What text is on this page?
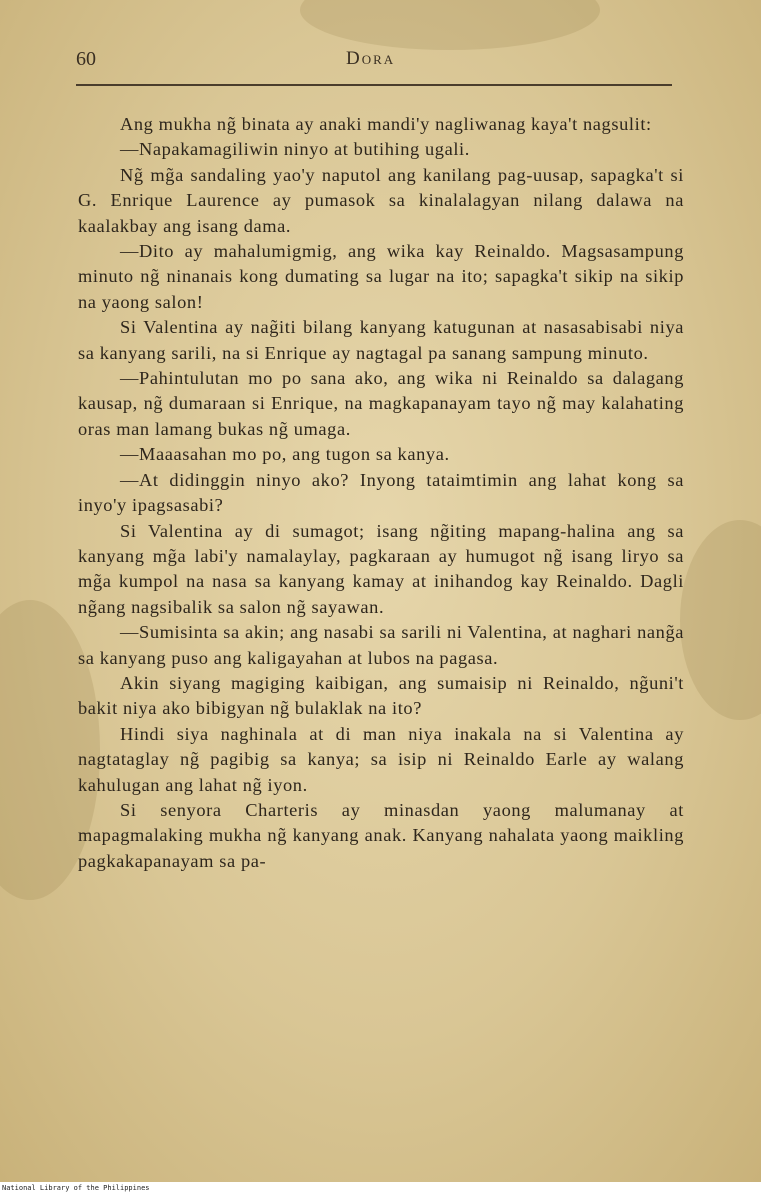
60	Dora

Ang mukha ng̃ binata ay anaki mandi'y nagliwanag kaya't nagsulit:

—Napakamagiliwin ninyo at butihing ugali.

Ng̃ mg̃a sandaling yao'y naputol ang kanilang pag-uusap, sapagka't si G. Enrique Laurence ay pumasok sa kinalalagyan nilang dalawa na kaalakbay ang isang dama.

—Dito ay mahalumigmig, ang wika kay Reinaldo. Magsasampung minuto ng̃ ninanais kong dumating sa lugar na ito; sapagka't sikip na sikip na yaong salon!

Si Valentina ay nag̃iti bilang kanyang katugunan at nasasabisabi niya sa kanyang sarili, na si Enrique ay nagtagal pa sanang sampung minuto.

—Pahintulutan mo po sana ako, ang wika ni Reinaldo sa dalagang kausap, ng̃ dumaraan si Enrique, na magkapanayam tayo ng̃ may kalahating oras man lamang bukas ng̃ umaga.

—Maaasahan mo po, ang tugon sa kanya.

—At didinggin ninyo ako? Inyong tataimtimin ang lahat kong sa inyo'y ipagsasabi?

Si Valentina ay di sumagot; isang ng̃iting mapang-halina ang sa kanyang mg̃a labi'y namalaylay, pagkaraan ay humugot ng̃ isang liryo sa mg̃a kumpol na nasa sa kanyang kamay at inihandog kay Reinaldo. Dagli ng̃ang nagsibalik sa salon ng̃ sayawan.

—Sumisinta sa akin; ang nasabi sa sarili ni Valentina, at naghari nang̃a sa kanyang puso ang kaligayahan at lubos na pagasa.

Akin siyang magiging kaibigan, ang sumaisip ni Reinaldo, ng̃uni't bakit niya ako bibigyan ng̃ bulaklak na ito?

Hindi siya naghinala at di man niya inakala na si Valentina ay nagtataglay ng̃ pagibig sa kanya; sa isip ni Reinaldo Earle ay walang kahulugan ang lahat ng̃ iyon.

Si senyora Charteris ay minasdan yaong malumanay at mapagmalaking mukha ng̃ kanyang anak. Kanyang nahalata yaong maikling pagkakapanayam sa pa-

National Library of the Philippines
